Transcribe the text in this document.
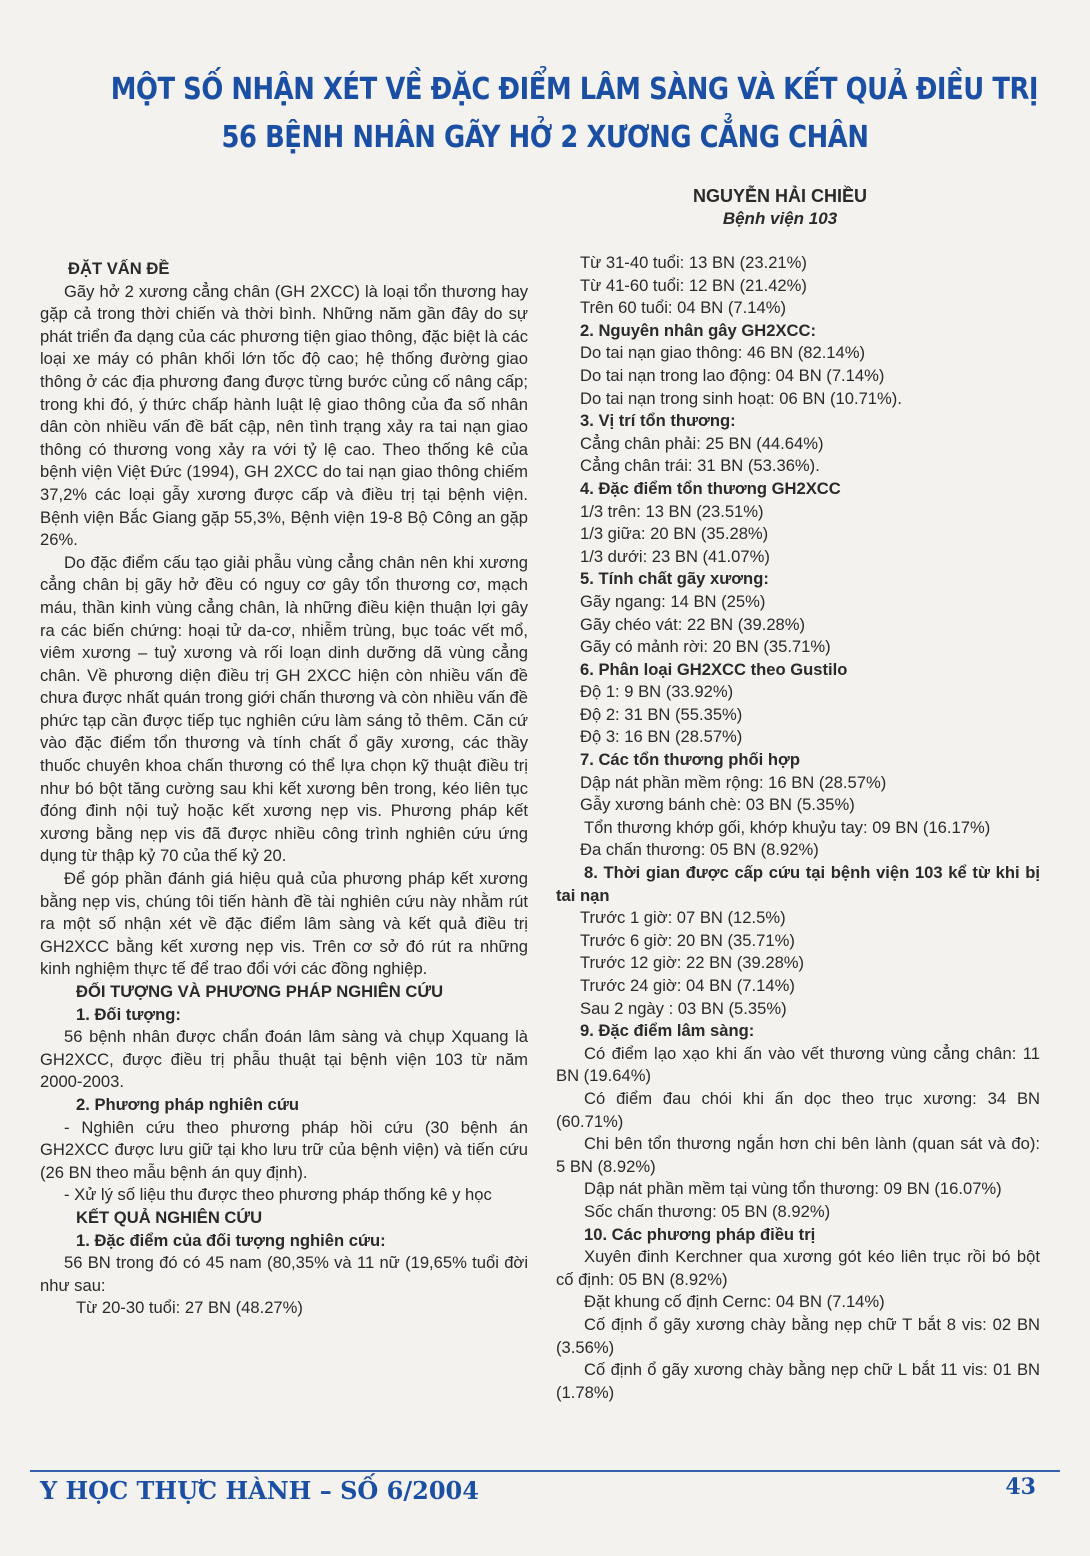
MỘT SỐ NHẬN XÉT VỀ ĐẶC ĐIỂM LÂM SÀNG VÀ KẾT QUẢ ĐIỀU TRỊ
56 BỆNH NHÂN GÃY HỞ 2 XƯƠNG CẲNG CHÂN
NGUYỄN HẢI CHIỀU
Bệnh viện 103

ĐẶT VẤN ĐỀ

Gãy hở 2 xương cẳng chân (GH 2XCC) là loại tổn thương hay gặp cả trong thời chiến và thời bình. Những năm gần đây do sự phát triển đa dạng của các phương tiện giao thông, đặc biệt là các loại xe máy có phân khối lớn tốc độ cao; hệ thống đường giao thông ở các địa phương đang được từng bước củng cố nâng cấp; trong khi đó, ý thức chấp hành luật lệ giao thông của đa số nhân dân còn nhiều vấn đề bất cập, nên tình trạng xảy ra tai nạn giao thông có thương vong xảy ra với tỷ lệ cao. Theo thống kê của bệnh viện Việt Đức (1994), GH 2XCC do tai nạn giao thông chiếm 37,2% các loại gẫy xương được cấp và điều trị tại bệnh viện. Bệnh viện Bắc Giang gặp 55,3%, Bệnh viện 19-8 Bộ Công an gặp 26%.

Do đặc điểm cấu tạo giải phẫu vùng cẳng chân nên khi xương cẳng chân bị gãy hở đều có nguy cơ gây tổn thương cơ, mạch máu, thần kinh vùng cẳng chân, là những điều kiện thuận lợi gây ra các biến chứng: hoại tử da-cơ, nhiễm trùng, bục toác vết mổ, viêm xương – tuỷ xương và rối loạn dinh dưỡng dã vùng cẳng chân. Về phương diện điều trị GH 2XCC hiện còn nhiều vấn đề chưa được nhất quán trong giới chấn thương và còn nhiều vấn đề phức tạp cần được tiếp tục nghiên cứu làm sáng tỏ thêm. Căn cứ vào đặc điểm tổn thương và tính chất ổ gãy xương, các thầy thuốc chuyên khoa chấn thương có thể lựa chọn kỹ thuật điều trị như bó bột tăng cường sau khi kết xương bên trong, kéo liên tục đóng đinh nội tuỷ hoặc kết xương nẹp vis. Phương pháp kết xương bằng nẹp vis đã được nhiều công trình nghiên cứu ứng dụng từ thập kỷ 70 của thế kỷ 20.

Để góp phần đánh giá hiệu quả của phương pháp kết xương bằng nẹp vis, chúng tôi tiến hành đề tài nghiên cứu này nhằm rút ra một số nhận xét về đặc điểm lâm sàng và kết quả điều trị GH2XCC bằng kết xương nẹp vis. Trên cơ sở đó rút ra những kinh nghiệm thực tế để trao đổi với các đồng nghiệp.

ĐỐI TƯỢNG VÀ PHƯƠNG PHÁP NGHIÊN CỨU

1. Đối tượng:

56 bệnh nhân được chẩn đoán lâm sàng và chụp Xquang là GH2XCC, được điều trị phẫu thuật tại bệnh viện 103 từ năm 2000-2003.

2. Phương pháp nghiên cứu

- Nghiên cứu theo phương pháp hồi cứu (30 bệnh án GH2XCC được lưu giữ tại kho lưu trữ của bệnh viện) và tiến cứu (26 BN theo mẫu bệnh án quy định).

- Xử lý số liệu thu được theo phương pháp thống kê y học

KẾT QUẢ NGHIÊN CỨU

1. Đặc điểm của đối tượng nghiên cứu:

56 BN trong đó có 45 nam (80,35% và 11 nữ (19,65% tuổi đời như sau:

Từ 20-30 tuổi: 27 BN (48.27%)

Từ 31-40 tuổi: 13 BN (23.21%)

Từ 41-60 tuổi: 12 BN (21.42%)

Trên 60 tuổi: 04 BN (7.14%)

2. Nguyên nhân gây GH2XCC:

Do tai nạn giao thông: 46 BN (82.14%)

Do tai nạn trong lao động: 04 BN (7.14%)

Do tai nạn trong sinh hoạt: 06 BN (10.71%).

3. Vị trí tổn thương:

Cẳng chân phải: 25 BN (44.64%)

Cẳng chân trái: 31 BN (53.36%).

4. Đặc điểm tổn thương GH2XCC

1/3 trên: 13 BN (23.51%)

1/3 giữa: 20 BN (35.28%)

1/3 dưới: 23 BN (41.07%)

5. Tính chất gãy xương:

Gãy ngang: 14 BN (25%)

Gãy chéo vát: 22 BN (39.28%)

Gãy có mảnh rời: 20 BN (35.71%)

6. Phân loại GH2XCC theo Gustilo

Độ 1: 9 BN (33.92%)

Độ 2: 31 BN (55.35%)

Độ 3: 16 BN (28.57%)

7. Các tổn thương phối hợp

Dập nát phần mềm rộng: 16 BN (28.57%)

Gẫy xương bánh chè: 03 BN (5.35%)

Tổn thương khớp gối, khớp khuỷu tay: 09 BN (16.17%)

Đa chấn thương: 05 BN (8.92%)

8. Thời gian được cấp cứu tại bệnh viện 103 kể từ khi bị tai nạn

Trước 1 giờ: 07 BN (12.5%)

Trước 6 giờ: 20 BN (35.71%)

Trước 12 giờ: 22 BN (39.28%)

Trước 24 giờ: 04 BN (7.14%)

Sau 2 ngày : 03 BN (5.35%)

9. Đặc điểm lâm sàng:

Có điểm lạo xạo khi ấn vào vết thương vùng cẳng chân: 11 BN (19.64%)

Có điểm đau chói khi ấn dọc theo trục xương: 34 BN (60.71%)

Chi bên tổn thương ngắn hơn chi bên lành (quan sát và đo): 5 BN (8.92%)

Dập nát phần mềm tại vùng tổn thương: 09 BN (16.07%)

Sốc chấn thương: 05 BN (8.92%)

10. Các phương pháp điều trị

Xuyên đinh Kerchner qua xương gót kéo liên trục rồi bó bột cố định: 05 BN (8.92%)

Đặt khung cố định Cernc: 04 BN (7.14%)

Cố định ổ gãy xương chày bằng nẹp chữ T bắt 8 vis: 02 BN (3.56%)

Cố định ổ gãy xương chày bằng nẹp chữ L bắt 11 vis: 01 BN (1.78%)

Y HỌC THỰC HÀNH – SỐ 6/2004	43
